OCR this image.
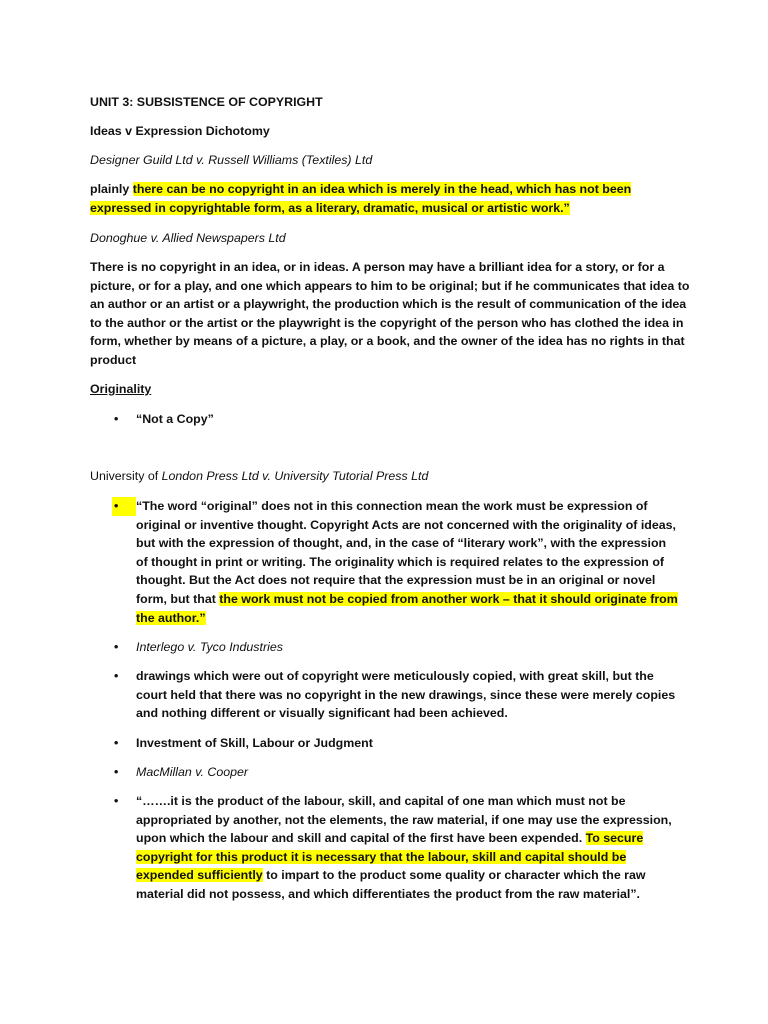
UNIT 3: SUBSISTENCE OF COPYRIGHT

Ideas v Expression Dichotomy

Designer Guild Ltd v. Russell Williams (Textiles) Ltd

plainly there can be no copyright in an idea which is merely in the head, which has not been expressed in copyrightable form, as a literary, dramatic, musical or artistic work.”

Donoghue v. Allied Newspapers Ltd

There is no copyright in an idea, or in ideas. A person may have a brilliant idea for a story, or for a picture, or for a play, and one which appears to him to be original; but if he communicates that idea to an author or an artist or a playwright, the production which is the result of communication of the idea to the author or the artist or the playwright is the copyright of the person who has clothed the idea in form, whether by means of a picture, a play, or a book, and the owner of the idea has no rights in that product

Originality

•	“Not a Copy”

University of London Press Ltd v. University Tutorial Press Ltd

•	“The word “original” does not in this connection mean the work must be expression of original or inventive thought. Copyright Acts are not concerned with the originality of ideas, but with the expression of thought, and, in the case of “literary work”, with the expression of thought in print or writing. The originality which is required relates to the expression of thought. But the Act does not require that the expression must be in an original or novel form, but that the work must not be copied from another work – that it should originate from the author.”
•	Interlego v. Tyco Industries
•	drawings which were out of copyright were meticulously copied, with great skill, but the court held that there was no copyright in the new drawings, since these were merely copies and nothing different or visually significant had been achieved.
•	Investment of Skill, Labour or Judgment
•	MacMillan v. Cooper
•	“…….it is the product of the labour, skill, and capital of one man which must not be appropriated by another, not the elements, the raw material, if one may use the expression, upon which the labour and skill and capital of the first have been expended. To secure copyright for this product it is necessary that the labour, skill and capital should be expended sufficiently to impart to the product some quality or character which the raw material did not possess, and which differentiates the product from the raw material”.
